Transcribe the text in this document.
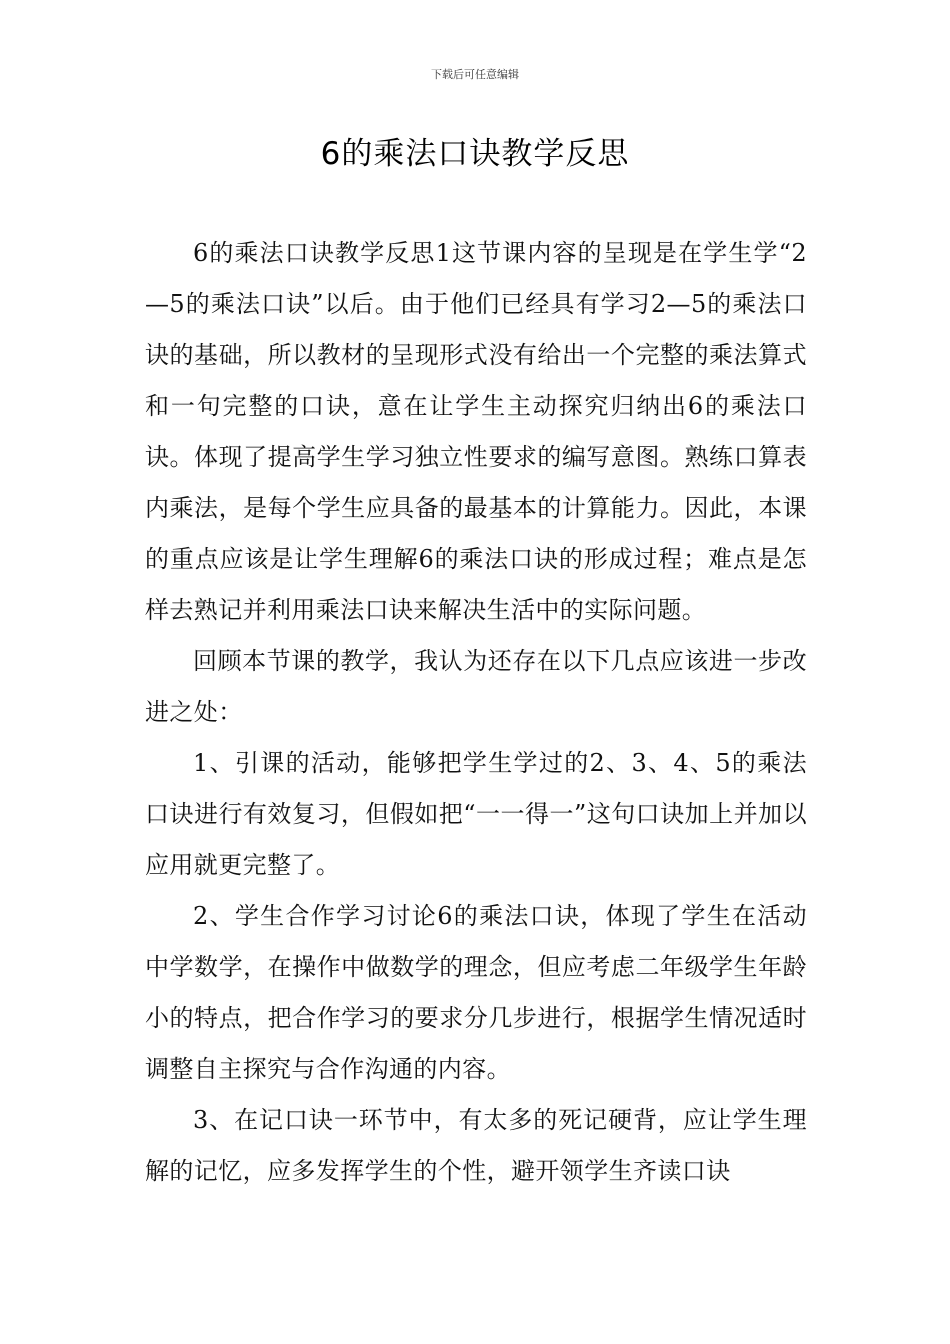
下载后可任意编辑
6的乘法口诀教学反思

6的乘法口诀教学反思1这节课内容的呈现是在学生学“2—5的乘法口诀”以后。由于他们已经具有学习2—5的乘法口诀的基础，所以教材的呈现形式没有给出一个完整的乘法算式和一句完整的口诀，意在让学生主动探究归纳出6的乘法口诀。体现了提高学生学习独立性要求的编写意图。熟练口算表内乘法，是每个学生应具备的最基本的计算能力。因此，本课的重点应该是让学生理解6的乘法口诀的形成过程；难点是怎样去熟记并利用乘法口诀来解决生活中的实际问题。

回顾本节课的教学，我认为还存在以下几点应该进一步改进之处：

1、引课的活动，能够把学生学过的2、3、4、5的乘法口诀进行有效复习，但假如把“一一得一”这句口诀加上并加以应用就更完整了。

2、学生合作学习讨论6的乘法口诀，体现了学生在活动中学数学，在操作中做数学的理念，但应考虑二年级学生年龄小的特点，把合作学习的要求分几步进行，根据学生情况适时调整自主探究与合作沟通的内容。

3、在记口诀一环节中，有太多的死记硬背，应让学生理解的记忆，应多发挥学生的个性，避开领学生齐读口诀
